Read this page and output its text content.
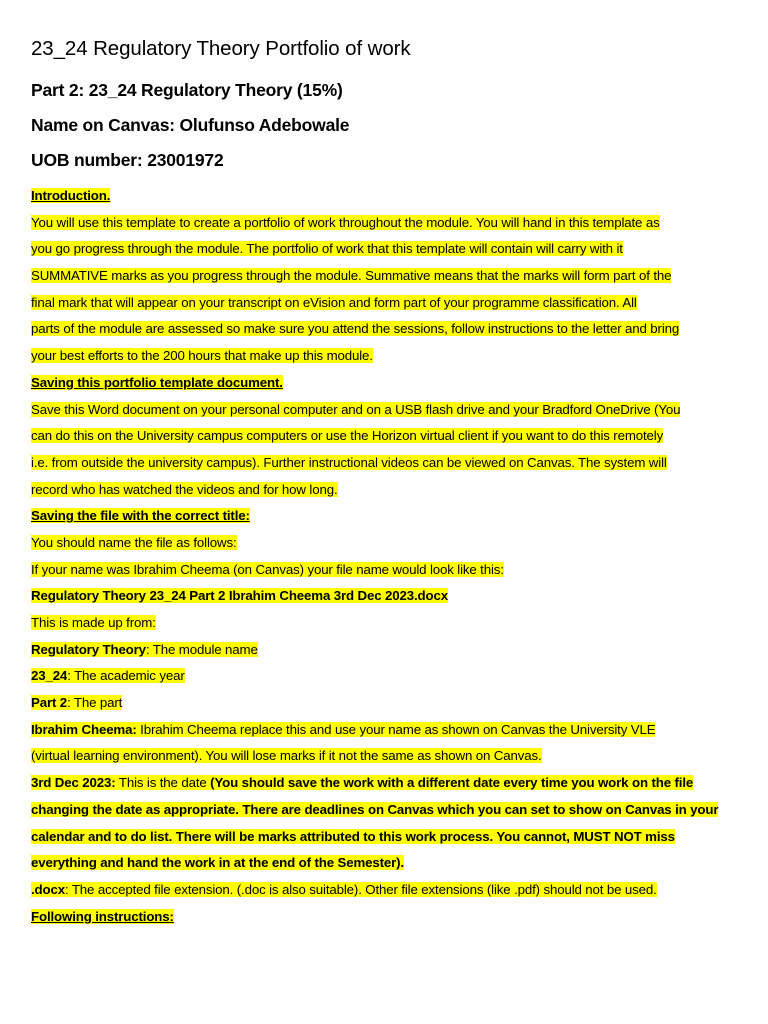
23_24 Regulatory Theory Portfolio of work
Part 2: 23_24 Regulatory Theory (15%)
Name on Canvas: Olufunso Adebowale
UOB number: 23001972
Introduction.
You will use this template to create a portfolio of work throughout the module. You will hand in this template as
you go progress through the module. The portfolio of work that this template will contain will carry with it
SUMMATIVE marks as you progress through the module. Summative means that the marks will form part of the
final mark that will appear on your transcript on eVision and form part of your programme classification. All
parts of the module are assessed so make sure you attend the sessions, follow instructions to the letter and bring
your best efforts to the 200 hours that make up this module.
Saving this portfolio template document.
Save this Word document on your personal computer and on a USB flash drive and your Bradford OneDrive (You
can do this on the University campus computers or use the Horizon virtual client if you want to do this remotely
i.e. from outside the university campus). Further instructional videos can be viewed on Canvas. The system will
record who has watched the videos and for how long.
Saving the file with the correct title:
You should name the file as follows:
If your name was Ibrahim Cheema (on Canvas) your file name would look like this:
Regulatory Theory 23_24 Part 2 Ibrahim Cheema 3rd Dec 2023.docx
This is made up from:
Regulatory Theory: The module name
23_24: The academic year
Part 2: The part
Ibrahim Cheema: Ibrahim Cheema replace this and use your name as shown on Canvas the University VLE
(virtual learning environment). You will lose marks if it not the same as shown on Canvas.
3rd Dec 2023: This is the date (You should save the work with a different date every time you work on the file
changing the date as appropriate. There are deadlines on Canvas which you can set to show on Canvas in your
calendar and to do list. There will be marks attributed to this work process. You cannot, MUST NOT miss
everything and hand the work in at the end of the Semester).
.docx: The accepted file extension. (.doc is also suitable). Other file extensions (like .pdf) should not be used.
Following instructions:
